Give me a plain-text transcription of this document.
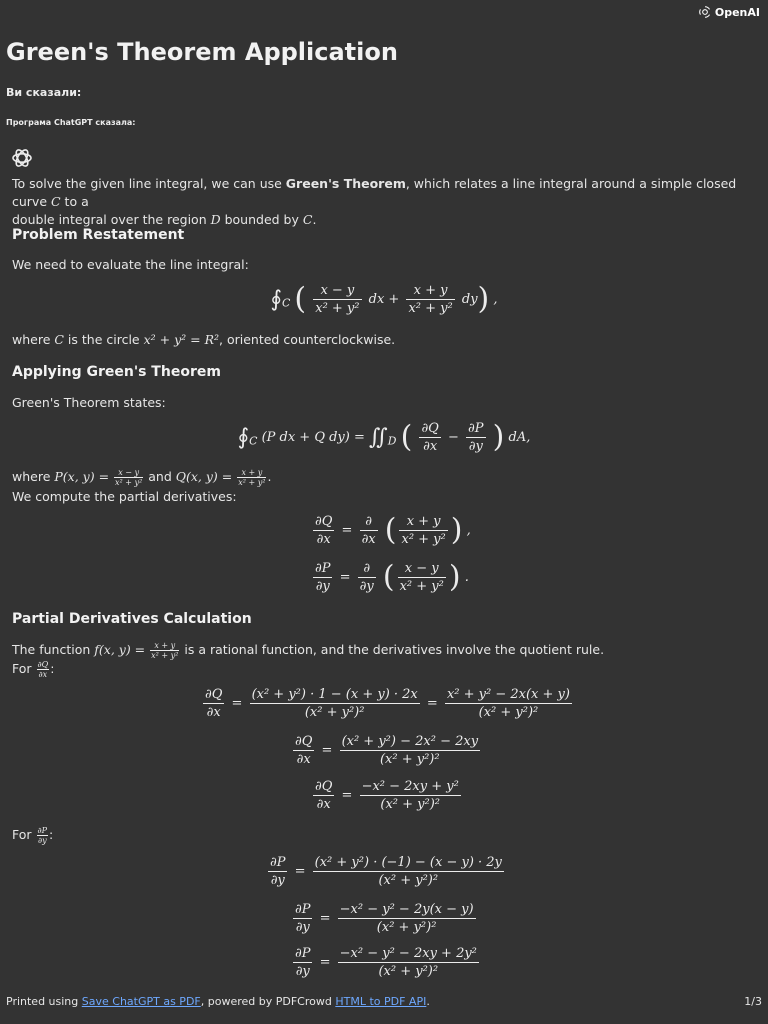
OpenAI
Green's Theorem Application
Ви сказали:
Програма ChatGPT сказала:
To solve the given line integral, we can use Green's Theorem, which relates a line integral around a simple closed curve C to a
double integral over the region D bounded by C.
Problem Restatement
We need to evaluate the line integral:
$∮_C$ ( $\frac{x - y}{\text{x² + y²}}$ dx + $\frac{x + y}{\text{x² + y²}} dy$) ,
where C is the circle x² + y² = R², oriented counterclockwise.
Applying Green's Theorem
Green's Theorem states:
$∮_C$ (P dx + Q $dy) = ∬_D$ ( $\frac{\partial Q}{\partial x} - \frac{\partial P}{\partial y}$ ) dA,
where P(x, $y) = \frac{x - y}{\text{x² + y²}}$ and Q(x, $y) = \frac{x + y}{\text{x² + y²}}$ .
We compute the partial derivatives:
$\frac{\partial Q}{\partial x} = \frac{\partial}{\partial x}$ ( $\frac{x + y}{\text{x² + y²}}$ ) ,
$\frac{\partial P}{\partial y} = \frac{\partial}{\partial y}$ ( $\frac{x - y}{\text{x² + y²}}$ ) .
Partial Derivatives Calculation
The function f(x, $y) = \frac{x + y}{\text{x² + y²}}$ is a rational function, and the derivatives involve the quotient rule.
For $\frac{\partial Q}{\partial x}$ :
$\frac{\partial Q}{\partial x} = \frac{\text{(x² + y²) · 1 − (x + y) · 2x}}{\text{(x² + y²)²}} = \frac{\text{x² + y² − 2x(x + y)}}{\text{(x² + y²)²}}$
$\frac{\partial Q}{\partial x} = \frac{\text{(x² + y²) − 2x² − 2xy}}{\text{(x² + y²)²}}$
$\frac{\partial Q}{\partial x} = \frac{\text{−x² − 2xy + y²}}{\text{(x² + y²)²}}$
For $\frac{\partial P}{\partial y}$ :
$\frac{\partial P}{\partial y} = \frac{\text{(x² + y²) · (−1) − (x − y) · 2y}}{\text{(x² + y²)²}}$
$\frac{\partial P}{\partial y} = \frac{\text{−x² − y² − 2y(x − y)}}{\text{(x² + y²)²}}$
$\frac{\partial P}{\partial y} = \frac{\text{−x² − y² − 2xy + 2y²}}{\text{(x² + y²)²}}$
Printed using Save ChatGPT as PDF, powered by PDFCrowd HTML to PDF API.	1/3
